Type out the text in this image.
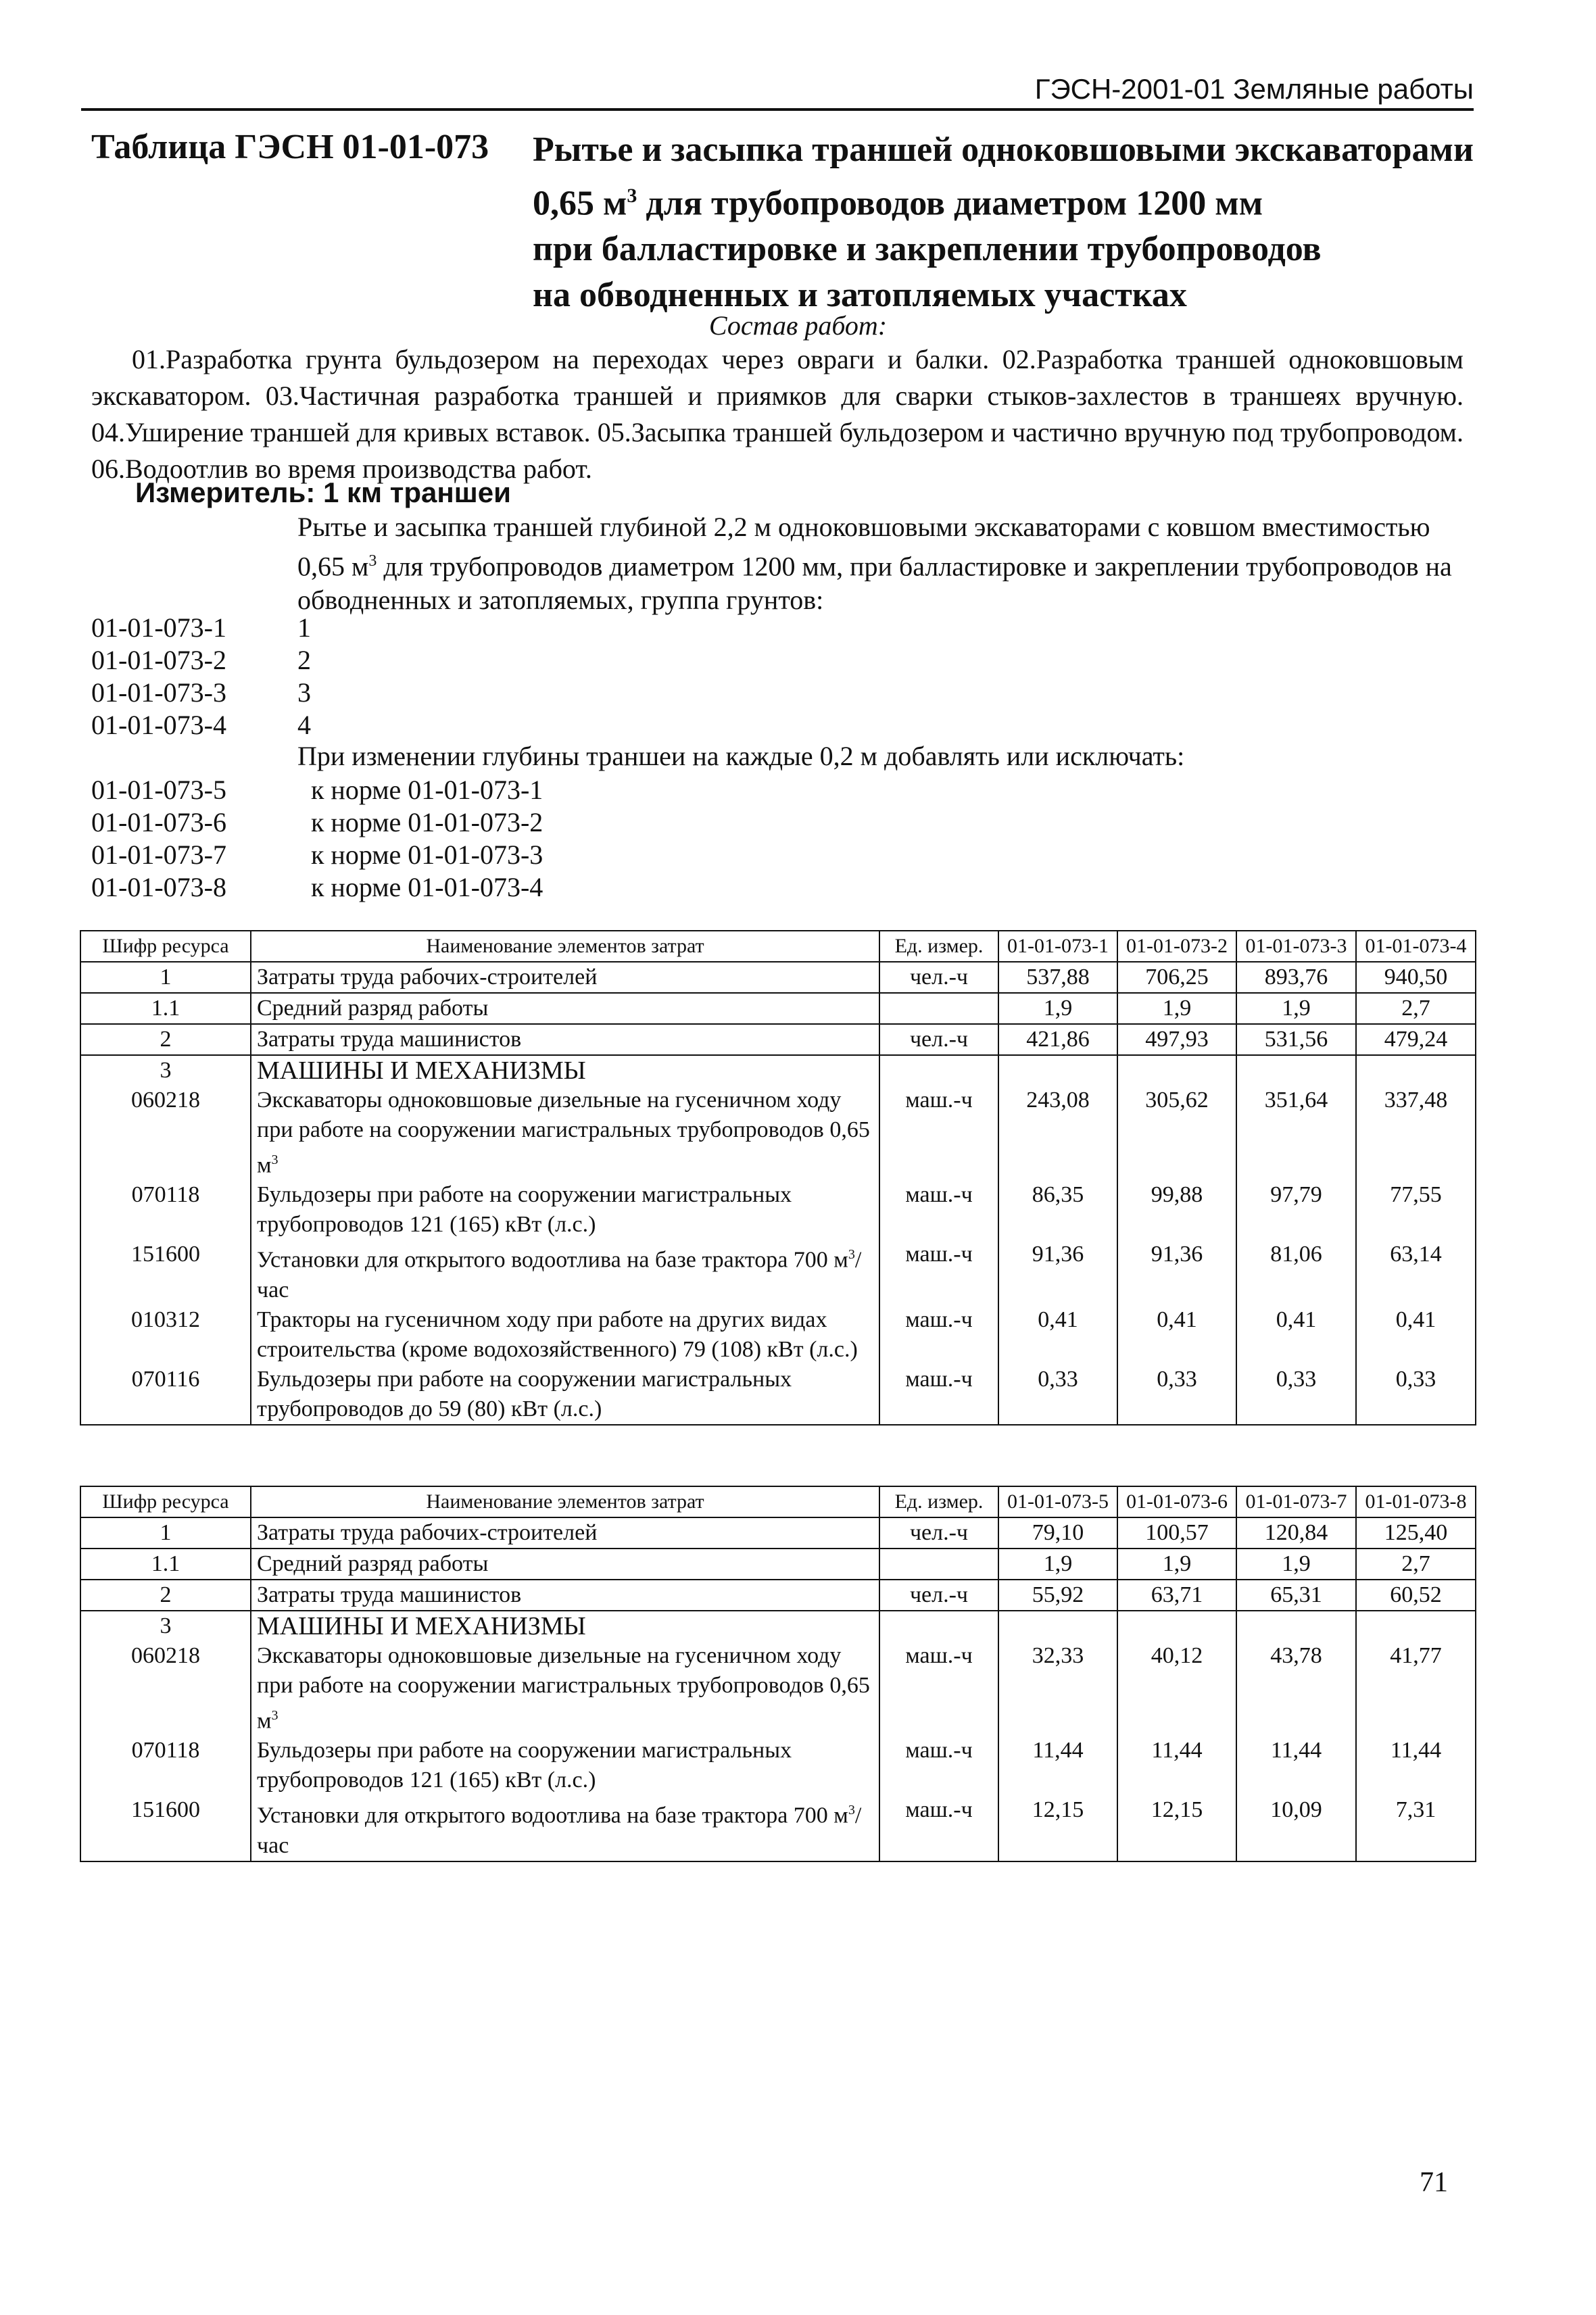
ГЭСН-2001-01 Земляные работы
Таблица ГЭСН 01-01-073 Рытье и засыпка траншей одноковшовыми экскаваторами
0,65 $м^3$ для трубопроводов диаметром 1200 мм
при балластировке и закреплении трубопроводов
на обводненных и затопляемых участках
Состав работ:

01.Разработка грунта бульдозером на переходах через овраги и балки. 02.Разработка траншей одноковшовым экскаватором. 03.Частичная разработка траншей и приямков для сварки стыков-захлестов в траншеях вручную. 04.Уширение траншей для кривых вставок. 05.Засыпка траншей бульдозером и частично вручную под трубопроводом. 06.Водоотлив во время производства работ.

Измеритель: 1 км траншеи
Рытье и засыпка траншей глубиной 2,2 м одноковшовыми экскаваторами с ковшом вместимостью 0,65 $м^3$ для трубопроводов диаметром 1200 мм, при балластировке и закреплении трубопроводов на обводненных и затопляемых, группа грунтов:
01-01-073-1	1
01-01-073-2	2
01-01-073-3	3
01-01-073-4	4
При изменении глубины траншеи на каждые 0,2 м добавлять или исключать:
01-01-073-5	к норме 01-01-073-1
01-01-073-6	к норме 01-01-073-2
01-01-073-7	к норме 01-01-073-3
01-01-073-8	к норме 01-01-073-4
Шифр ресурса	Наименование элементов затрат	Ед. измер.	01-01-073-1	01-01-073-2	01-01-073-3	01-01-073-4
1	Затраты труда рабочих-строителей	чел.-ч	537,88	706,25	893,76	940,50
1.1	Средний разряд работы		1,9	1,9	1,9	2,7
2	Затраты труда машинистов	чел.-ч	421,86	497,93	531,56	479,24
3	МАШИНЫ И МЕХАНИЗМЫ					
060218	Экскаваторы одноковшовые дизельные на гусеничном ходу при работе на сооружении магистральных трубопроводов 0,65 $м^3$	маш.-ч	243,08	305,62	351,64	337,48
070118	Бульдозеры при работе на сооружении магистральных трубопроводов 121 (165) кВт (л.с.)	маш.-ч	86,35	99,88	97,79	77,55
151600	Установки для открытого водоотлива на базе трактора 700 $м^3$/час	маш.-ч	91,36	91,36	81,06	63,14
010312	Тракторы на гусеничном ходу при работе на других видах строительства (кроме водохозяйственного) 79 (108) кВт (л.с.)	маш.-ч	0,41	0,41	0,41	0,41
070116	Бульдозеры при работе на сооружении магистральных трубопроводов до 59 (80) кВт (л.с.)	маш.-ч	0,33	0,33	0,33	0,33
Шифр ресурса	Наименование элементов затрат	Ед. измер.	01-01-073-5	01-01-073-6	01-01-073-7	01-01-073-8
1	Затраты труда рабочих-строителей	чел.-ч	79,10	100,57	120,84	125,40
1.1	Средний разряд работы		1,9	1,9	1,9	2,7
2	Затраты труда машинистов	чел.-ч	55,92	63,71	65,31	60,52
3	МАШИНЫ И МЕХАНИЗМЫ					
060218	Экскаваторы одноковшовые дизельные на гусеничном ходу при работе на сооружении магистральных трубопроводов 0,65 $м^3$	маш.-ч	32,33	40,12	43,78	41,77
070118	Бульдозеры при работе на сооружении магистральных трубопроводов 121 (165) кВт (л.с.)	маш.-ч	11,44	11,44	11,44	11,44
151600	Установки для открытого водоотлива на базе трактора 700 $м^3$/час	маш.-ч	12,15	12,15	10,09	7,31
71
